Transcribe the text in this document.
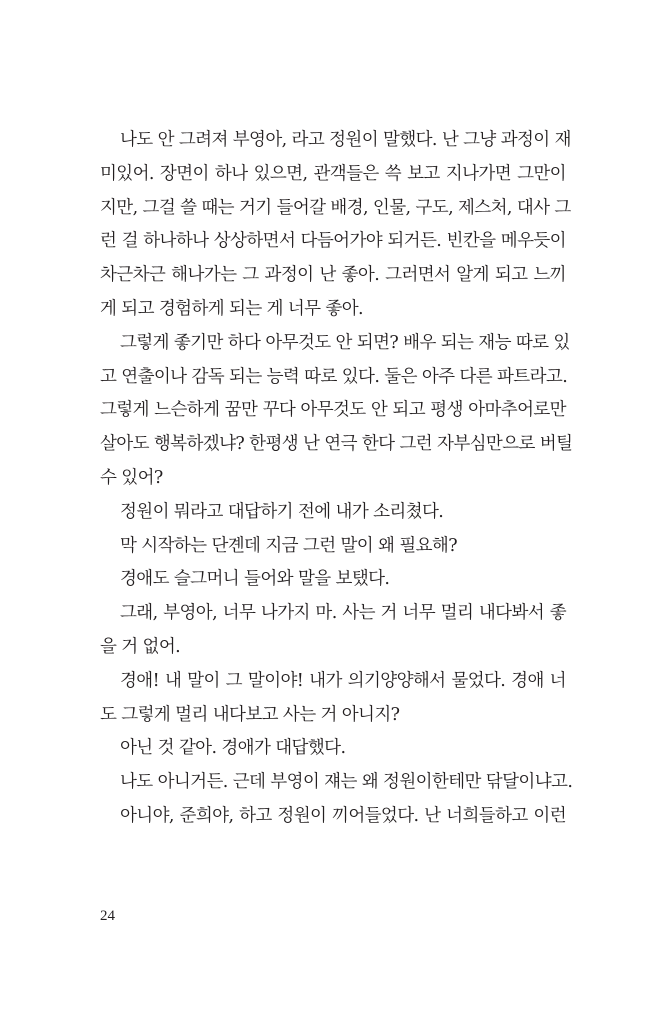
나도 안 그려져 부영아, 라고 정원이 말했다. 난 그냥 과정이 재
미있어. 장면이 하나 있으면, 관객들은 쓱 보고 지나가면 그만이
지만, 그걸 쓸 때는 거기 들어갈 배경, 인물, 구도, 제스처, 대사 그
런 걸 하나하나 상상하면서 다듬어가야 되거든. 빈칸을 메우듯이
차근차근 해나가는 그 과정이 난 좋아. 그러면서 알게 되고 느끼
게 되고 경험하게 되는 게 너무 좋아.
그렇게 좋기만 하다 아무것도 안 되면? 배우 되는 재능 따로 있
고 연출이나 감독 되는 능력 따로 있다. 둘은 아주 다른 파트라고.
그렇게 느슨하게 꿈만 꾸다 아무것도 안 되고 평생 아마추어로만
살아도 행복하겠냐? 한평생 난 연극 한다 그런 자부심만으로 버틸
수 있어?
정원이 뭐라고 대답하기 전에 내가 소리쳤다.
막 시작하는 단곈데 지금 그런 말이 왜 필요해?
경애도 슬그머니 들어와 말을 보탰다.
그래, 부영아, 너무 나가지 마. 사는 거 너무 멀리 내다봐서 좋
을 거 없어.
경애! 내 말이 그 말이야! 내가 의기양양해서 물었다. 경애 너
도 그렇게 멀리 내다보고 사는 거 아니지?
아닌 것 같아. 경애가 대답했다.
나도 아니거든. 근데 부영이 쟤는 왜 정원이한테만 닦달이냐고.
아니야, 준희야, 하고 정원이 끼어들었다. 난 너희들하고 이런
24
